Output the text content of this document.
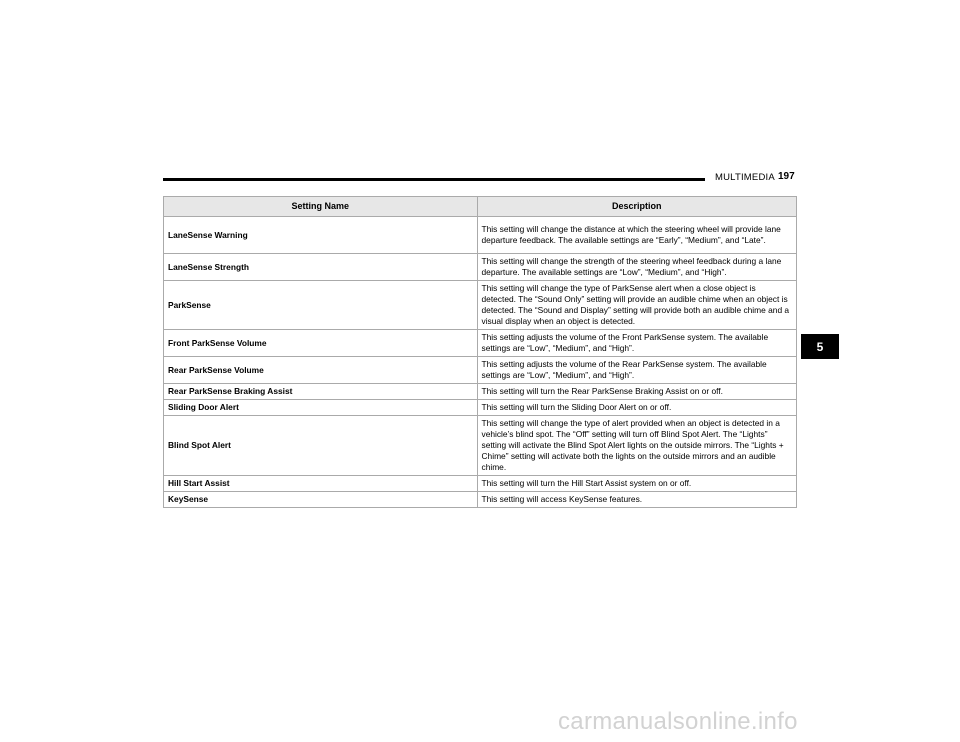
MULTIMEDIA 197
5
Setting Name	Description
LaneSense Warning	This setting will change the distance at which the steering wheel will provide lane departure feedback. The available settings are “Early”, “Medium”, and “Late”.
LaneSense Strength	This setting will change the strength of the steering wheel feedback during a lane departure. The available settings are “Low”, “Medium”, and “High”.
ParkSense	This setting will change the type of ParkSense alert when a close object is detected. The “Sound Only” setting will provide an audible chime when an object is detected. The “Sound and Display” setting will provide both an audible chime and a visual display when an object is detected.
Front ParkSense Volume	This setting adjusts the volume of the Front ParkSense system. The available settings are “Low”, “Medium”, and “High”.
Rear ParkSense Volume	This setting adjusts the volume of the Rear ParkSense system. The available settings are “Low”, “Medium”, and “High”.
Rear ParkSense Braking Assist	This setting will turn the Rear ParkSense Braking Assist on or off.
Sliding Door Alert	This setting will turn the Sliding Door Alert on or off.
Blind Spot Alert	This setting will change the type of alert provided when an object is detected in a vehicle’s blind spot. The “Off” setting will turn off Blind Spot Alert. The “Lights” setting will activate the Blind Spot Alert lights on the outside mirrors. The “Lights + Chime” setting will activate both the lights on the outside mirrors and an audible chime.
Hill Start Assist	This setting will turn the Hill Start Assist system on or off.
KeySense	This setting will access KeySense features.
carmanualsonline.info
